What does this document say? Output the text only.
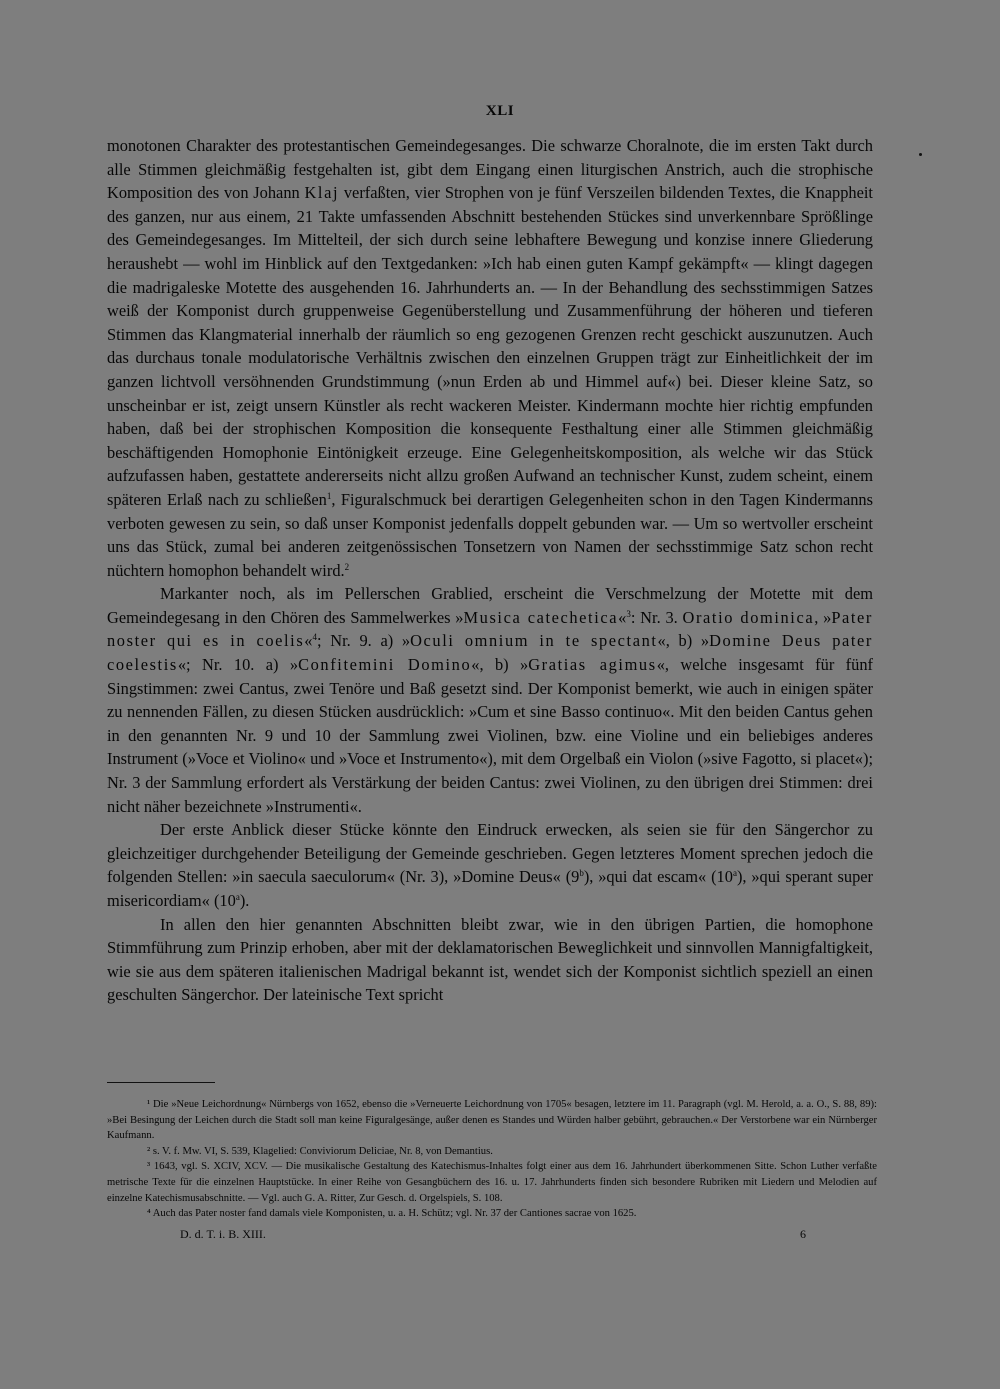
XLI

monotonen Charakter des protestantischen Gemeindegesanges. Die schwarze Choralnote, die im ersten Takt durch alle Stimmen gleichmäßig festgehalten ist, gibt dem Eingang einen liturgischen Anstrich, auch die strophische Komposition des von Johann Klaj verfaßten, vier Strophen von je fünf Verszeilen bildenden Textes, die Knappheit des ganzen, nur aus einem, 21 Takte umfassenden Abschnitt bestehenden Stückes sind unverkennbare Sprößlinge des Gemeindegesanges. Im Mittelteil, der sich durch seine lebhaftere Bewegung und konzise innere Gliederung heraushebt — wohl im Hinblick auf den Textgedanken: »Ich hab einen guten Kampf gekämpft« — klingt dagegen die madrigaleske Motette des ausgehenden 16. Jahrhunderts an. — In der Behandlung des sechsstimmigen Satzes weiß der Komponist durch gruppenweise Gegenüberstellung und Zusammenführung der höheren und tieferen Stimmen das Klangmaterial innerhalb der räumlich so eng gezogenen Grenzen recht geschickt auszunutzen. Auch das durchaus tonale modulatorische Verhältnis zwischen den einzelnen Gruppen trägt zur Einheitlichkeit der im ganzen lichtvoll versöhnenden Grundstimmung (»nun Erden ab und Himmel auf«) bei. Dieser kleine Satz, so unscheinbar er ist, zeigt unsern Künstler als recht wackeren Meister. Kindermann mochte hier richtig empfunden haben, daß bei der strophischen Komposition die konsequente Festhaltung einer alle Stimmen gleichmäßig beschäftigenden Homophonie Eintönigkeit erzeuge. Eine Gelegenheitskomposition, als welche wir das Stück aufzufassen haben, gestattete andererseits nicht allzu großen Aufwand an technischer Kunst, zudem scheint, einem späteren Erlaß nach zu schließen$^1$, Figuralschmuck bei derartigen Gelegenheiten schon in den Tagen Kindermanns verboten gewesen zu sein, so daß unser Komponist jedenfalls doppelt gebunden war. — Um so wertvoller erscheint uns das Stück, zumal bei anderen zeitgenössischen Tonsetzern von Namen der sechsstimmige Satz schon recht nüchtern homophon behandelt wird.$^2$

Markanter noch, als im Pellerschen Grablied, erscheint die Verschmelzung der Motette mit dem Gemeindegesang in den Chören des Sammelwerkes »Musica catechetica«$^3$: Nr. 3. Oratio dominica, »Pater noster qui es in coelis«$^4$; Nr. 9. a) »Oculi omnium in te spectant«, b) »Domine Deus pater coelestis«; Nr. 10. a) »Confitemini Domino«, b) »Gratias agimus«, welche insgesamt für fünf Singstimmen: zwei Cantus, zwei Tenöre und Baß gesetzt sind. Der Komponist bemerkt, wie auch in einigen später zu nennenden Fällen, zu diesen Stücken ausdrücklich: »Cum et sine Basso continuo«. Mit den beiden Cantus gehen in den genannten Nr. 9 und 10 der Sammlung zwei Violinen, bzw. eine Violine und ein beliebiges anderes Instrument (»Voce et Violino« und »Voce et Instrumento«), mit dem Orgelbaß ein Violon (»sive Fagotto, si placet«); Nr. 3 der Sammlung erfordert als Verstärkung der beiden Cantus: zwei Violinen, zu den übrigen drei Stimmen: drei nicht näher bezeichnete »Instrumenti«.

Der erste Anblick dieser Stücke könnte den Eindruck erwecken, als seien sie für den Sängerchor zu gleichzeitiger durchgehender Beteiligung der Gemeinde geschrieben. Gegen letzteres Moment sprechen jedoch die folgenden Stellen: »in saecula saeculorum« (Nr. 3), »Domine Deus« (9$^b$), »qui dat escam« (10$^a$), »qui sperant super misericordiam« (10$^a$).

In allen den hier genannten Abschnitten bleibt zwar, wie in den übrigen Partien, die homophone Stimmführung zum Prinzip erhoben, aber mit der deklamatorischen Beweglichkeit und sinnvollen Mannigfaltigkeit, wie sie aus dem späteren italienischen Madrigal bekannt ist, wendet sich der Komponist sichtlich speziell an einen geschulten Sängerchor. Der lateinische Text spricht

¹ Die »Neue Leichordnung« Nürnbergs von 1652, ebenso die »Verneuerte Leichordnung von 1705« besagen, letztere im 11. Paragraph (vgl. M. Herold, a. a. O., S. 88, 89): »Bei Besingung der Leichen durch die Stadt soll man keine Figuralgesänge, außer denen es Standes und Würden halber gebührt, gebrauchen.« Der Verstorbene war ein Nürnberger Kaufmann.

² s. V. f. Mw. VI, S. 539, Klagelied: Conviviorum Deliciae, Nr. 8, von Demantius.

³ 1643, vgl. S. XCIV, XCV. — Die musikalische Gestaltung des Katechismus-Inhaltes folgt einer aus dem 16. Jahrhundert überkommenen Sitte. Schon Luther verfaßte metrische Texte für die einzelnen Hauptstücke. In einer Reihe von Gesangbüchern des 16. u. 17. Jahrhunderts finden sich besondere Rubriken mit Liedern und Melodien auf einzelne Katechismusabschnitte. — Vgl. auch G. A. Ritter, Zur Gesch. d. Orgelspiels, S. 108.

⁴ Auch das Pater noster fand damals viele Komponisten, u. a. H. Schütz; vgl. Nr. 37 der Cantiones sacrae von 1625.

D. d. T. i. B. XIII.	6
